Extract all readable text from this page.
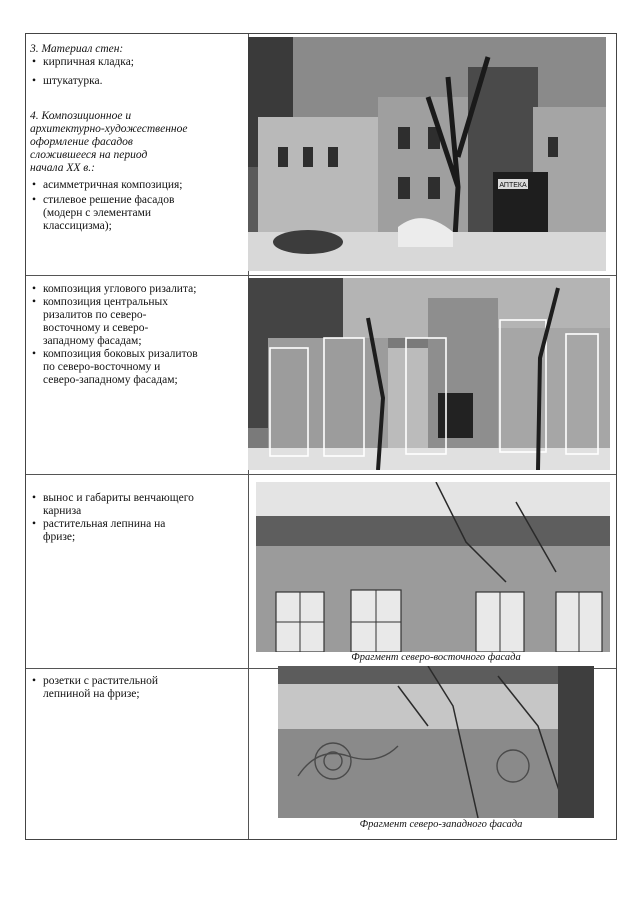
3. Материал стен:
• кирпичная кладка;
• штукатурка.
4. Композиционное и
архитектурно-художественное
оформление фасадов
сложившееся на период
начала XX в.:
• асимметричная композиция;
• стилевое решение фасадов
(модерн с элементами
классицизма);
АПТЕКА
• композиция углового ризалита;
• композиция центральных
ризалитов по северо-
восточному и северо-
западному фасадам;
• композиция боковых ризалитов
по северо-восточному и
северо-западному фасадам;
• вынос и габариты венчающего
карниза
• растительная лепнина на
фризе;
Фрагмент северо-восточного фасада
• розетки с растительной
лепниной на фризе;
Фрагмент северо-западного фасада
